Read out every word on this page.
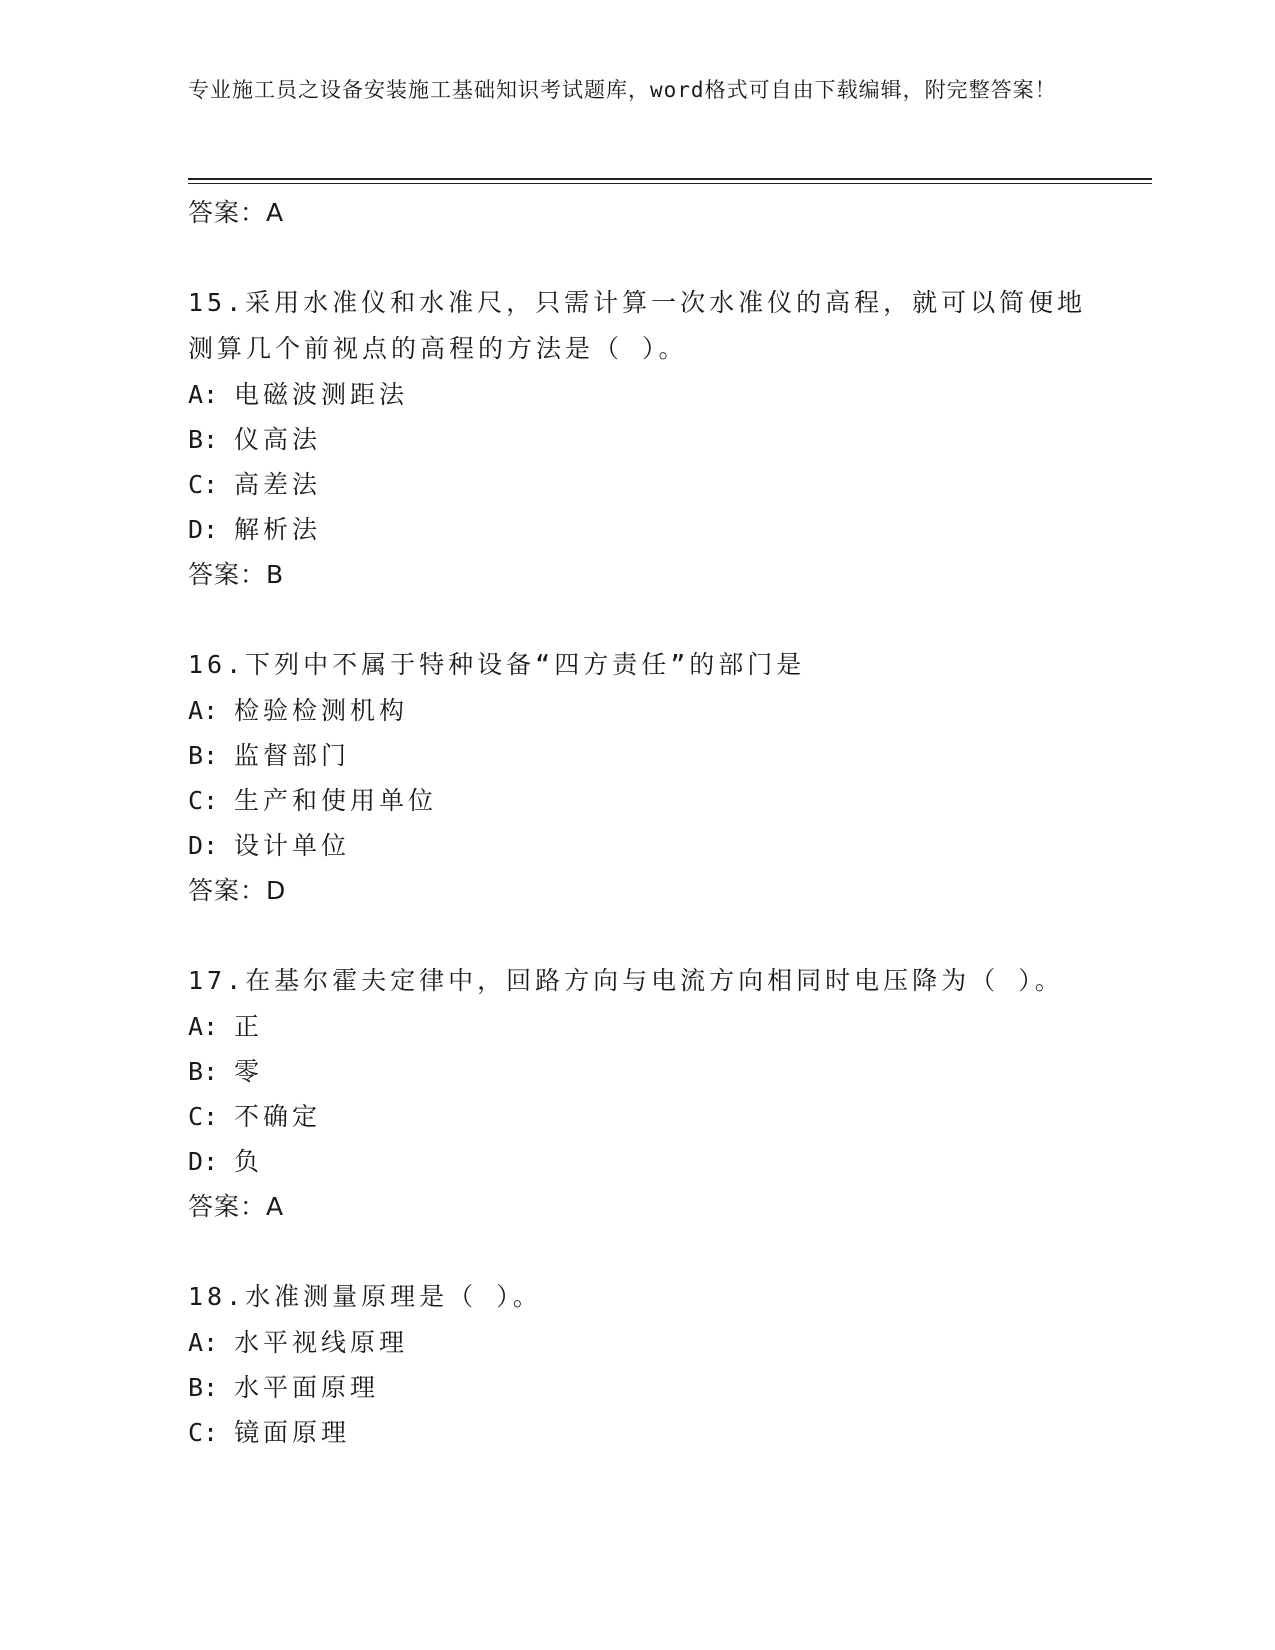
专业施工员之设备安装施工基础知识考试题库，word格式可自由下载编辑，附完整答案！
答案：A
15.采用水准仪和水准尺，只需计算一次水准仪的高程，就可以简便地测算几个前视点的高程的方法是（ ）。
A: 电磁波测距法
B: 仪高法
C: 高差法
D: 解析法
答案：B
16.下列中不属于特种设备“四方责任”的部门是
A: 检验检测机构
B: 监督部门
C: 生产和使用单位
D: 设计单位
答案：D
17.在基尔霍夫定律中，回路方向与电流方向相同时电压降为（ ）。
A: 正
B: 零
C: 不确定
D: 负
答案：A
18.水准测量原理是（ ）。
A: 水平视线原理
B: 水平面原理
C: 镜面原理
